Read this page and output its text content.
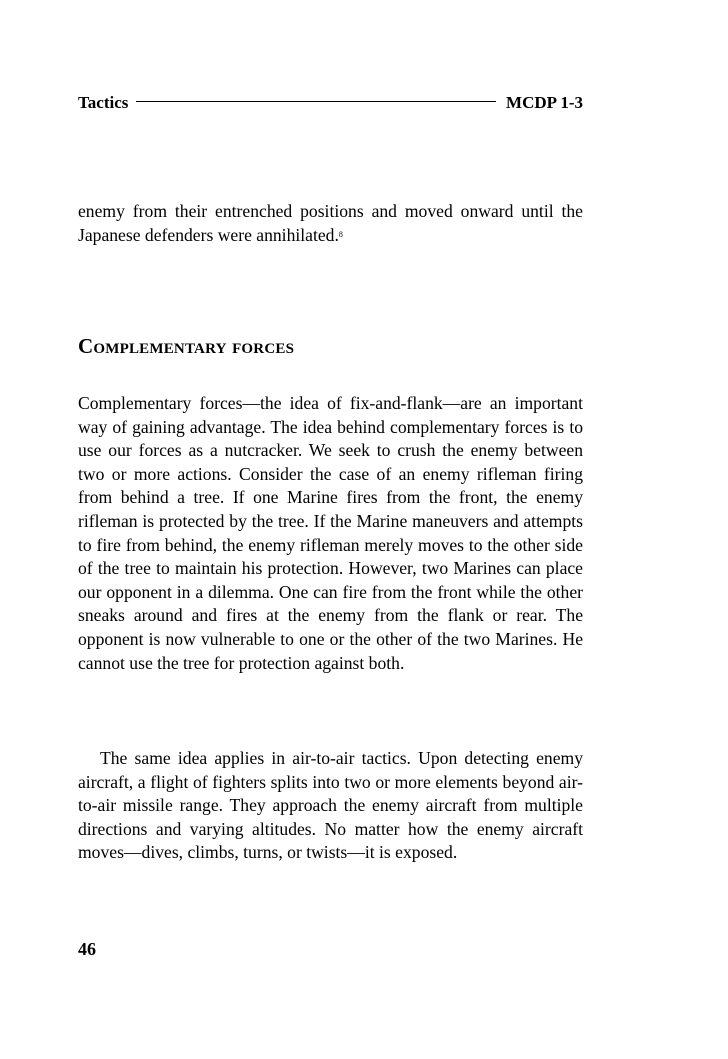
Tactics	MCDP 1-3

enemy from their entrenched positions and moved onward until the Japanese defenders were annihilated.$^8$

Complementary forces

Complementary forces—the idea of fix-and-flank—are an important way of gaining advantage. The idea behind complementary forces is to use our forces as a nutcracker. We seek to crush the enemy between two or more actions. Consider the case of an enemy rifleman firing from behind a tree. If one Marine fires from the front, the enemy rifleman is protected by the tree. If the Marine maneuvers and attempts to fire from behind, the enemy rifleman merely moves to the other side of the tree to maintain his protection. However, two Marines can place our opponent in a dilemma. One can fire from the front while the other sneaks around and fires at the enemy from the flank or rear. The opponent is now vulnerable to one or the other of the two Marines. He cannot use the tree for protection against both.

The same idea applies in air-to-air tactics. Upon detecting enemy aircraft, a flight of fighters splits into two or more elements beyond air-to-air missile range. They approach the enemy aircraft from multiple directions and varying altitudes. No matter how the enemy aircraft moves—dives, climbs, turns, or twists—it is exposed.

46
